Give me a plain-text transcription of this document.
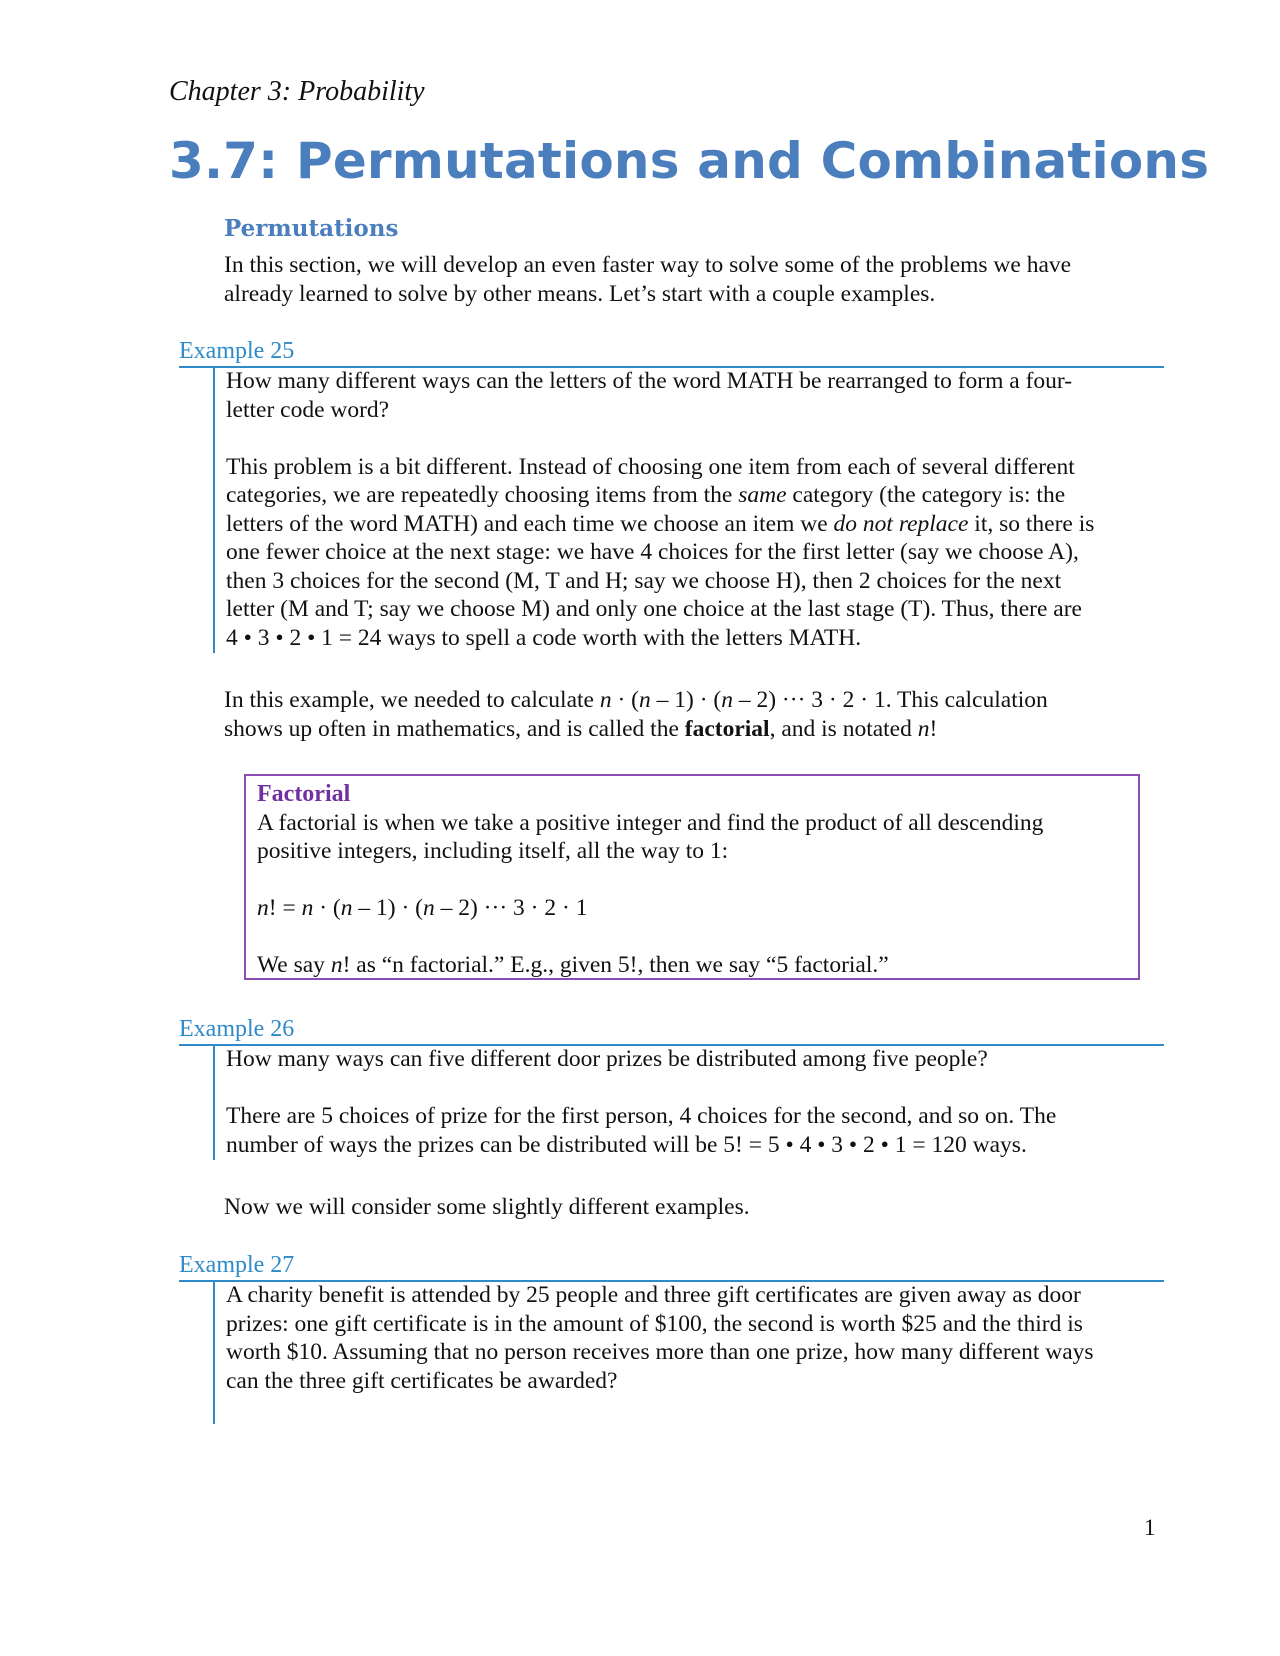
Chapter 3: Probability
3.7: Permutations and Combinations
Permutations
In this section, we will develop an even faster way to solve some of the problems we have
already learned to solve by other means. Let’s start with a couple examples.
Example 25
How many different ways can the letters of the word MATH be rearranged to form a four-
letter code word?
This problem is a bit different. Instead of choosing one item from each of several different
categories, we are repeatedly choosing items from the same category (the category is: the
letters of the word MATH) and each time we choose an item we do not replace it, so there is
one fewer choice at the next stage: we have 4 choices for the first letter (say we choose A),
then 3 choices for the second (M, T and H; say we choose H), then 2 choices for the next
letter (M and T; say we choose M) and only one choice at the last stage (T). Thus, there are
4 • 3 • 2 • 1 = 24 ways to spell a code worth with the letters MATH.
In this example, we needed to calculate n · (n – 1) · (n – 2) ··· 3 · 2 · 1. This calculation
shows up often in mathematics, and is called the factorial, and is notated n!
Factorial
A factorial is when we take a positive integer and find the product of all descending
positive integers, including itself, all the way to 1:
n! = n · (n – 1) · (n – 2) ··· 3 · 2 · 1
We say n! as “n factorial.” E.g., given 5!, then we say “5 factorial.”
Example 26
How many ways can five different door prizes be distributed among five people?
There are 5 choices of prize for the first person, 4 choices for the second, and so on. The
number of ways the prizes can be distributed will be 5! = 5 • 4 • 3 • 2 • 1 = 120 ways.
Now we will consider some slightly different examples.
Example 27
A charity benefit is attended by 25 people and three gift certificates are given away as door
prizes: one gift certificate is in the amount of $100, the second is worth $25 and the third is
worth $10. Assuming that no person receives more than one prize, how many different ways
can the three gift certificates be awarded?
1
